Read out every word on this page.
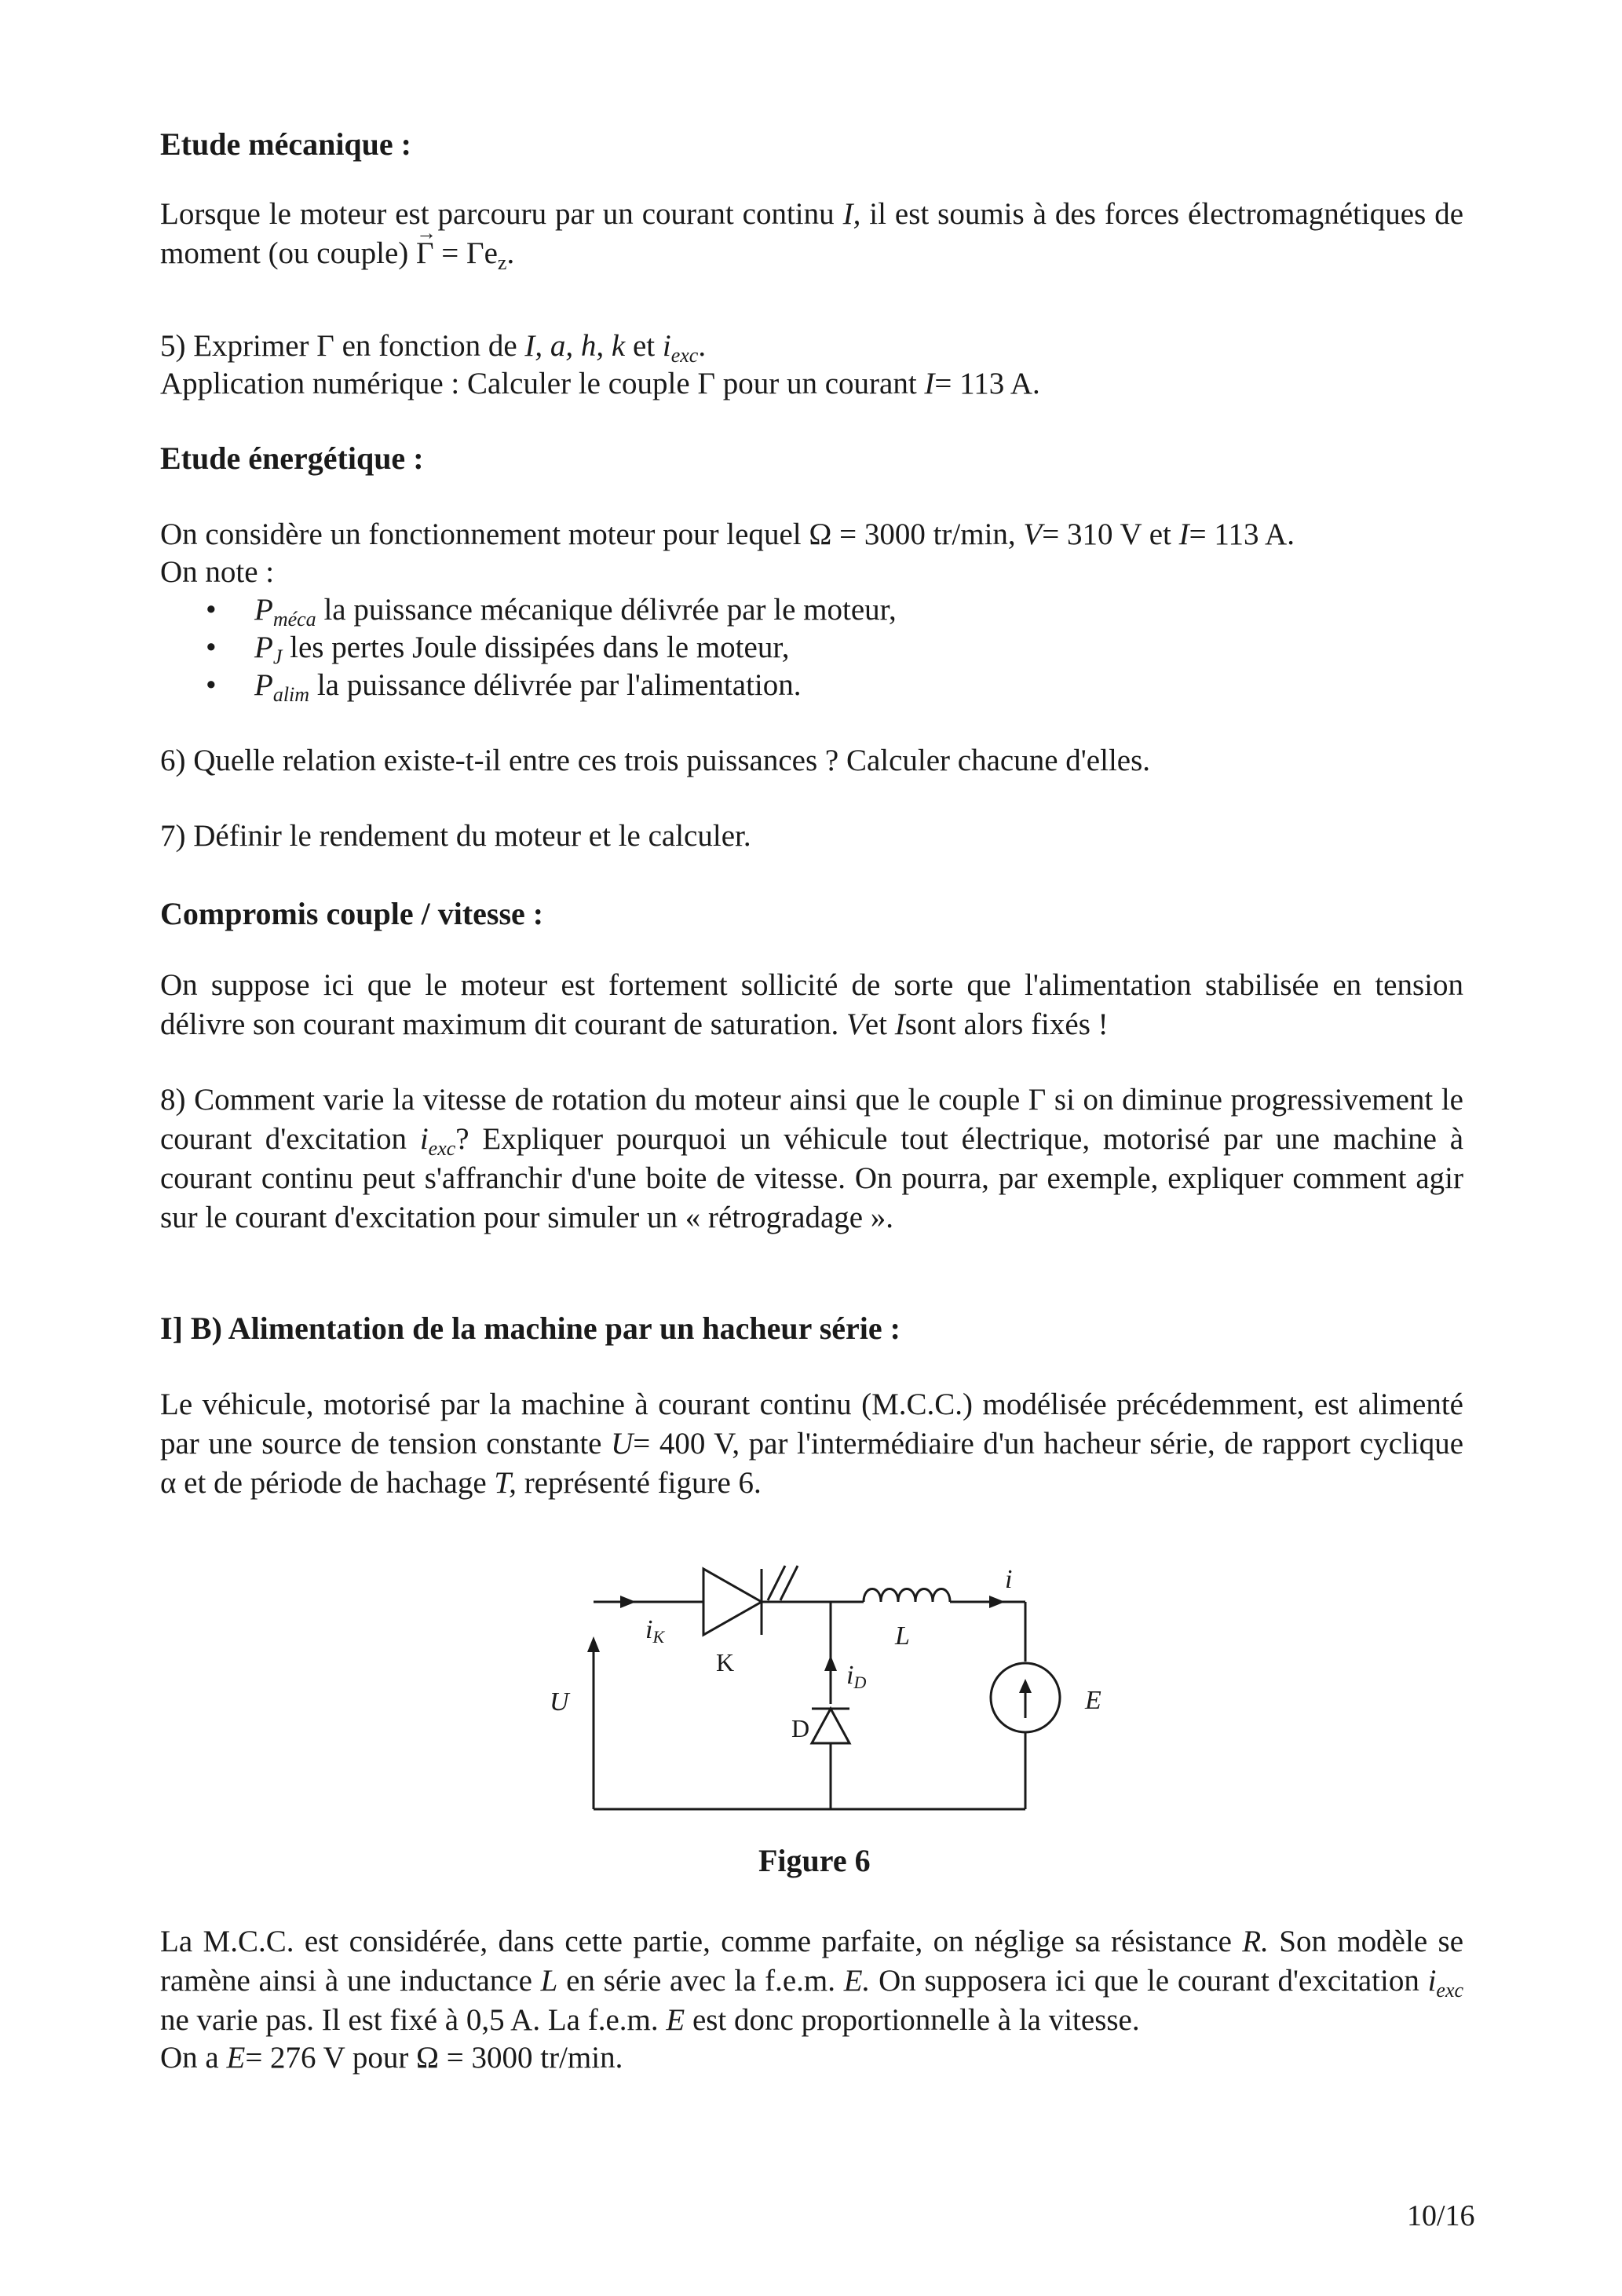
Etude mécanique :
Lorsque le moteur est parcouru par un courant continu I, il est soumis à des forces électromagnétiques de moment (ou couple) → $\Gamma = \Gamma e_z$.
5) Exprimer Γ en fonction de I, a, h, k et $i_{exc}$.
Application numérique : Calculer le couple Γ pour un courant I= 113 A.
Etude énergétique :
On considère un fonctionnement moteur pour lequel Ω = 3000 tr/min, V= 310 V et I= 113 A.
On note :
• $P_{méca}$ la puissance mécanique délivrée par le moteur,
• $P_J$ les pertes Joule dissipées dans le moteur,
• $P_{alim}$ la puissance délivrée par l'alimentation.
6) Quelle relation existe-t-il entre ces trois puissances ? Calculer chacune d'elles.
7) Définir le rendement du moteur et le calculer.
Compromis couple / vitesse :
On suppose ici que le moteur est fortement sollicité de sorte que l'alimentation stabilisée en tension délivre son courant maximum dit courant de saturation. Vet Isont alors fixés !
8) Comment varie la vitesse de rotation du moteur ainsi que le couple Γ si on diminue progressivement le courant d'excitation $i_{exc}$? Expliquer pourquoi un véhicule tout électrique, motorisé par une machine à courant continu peut s'affranchir d'une boite de vitesse. On pourra, par exemple, expliquer comment agir sur le courant d'excitation pour simuler un « rétrogradage ».
I] B) Alimentation de la machine par un hacheur série :
Le véhicule, motorisé par la machine à courant continu (M.C.C.) modélisée précédemment, est alimenté par une source de tension constante U= 400 V, par l'intermédiaire d'un hacheur série, de rapport cyclique α et de période de hachage T, représenté figure 6.
U
iK
iD
L
i
E
K
D
Figure 6
La M.C.C. est considérée, dans cette partie, comme parfaite, on néglige sa résistance R. Son modèle se ramène ainsi à une inductance L en série avec la f.e.m. E. On supposera ici que le courant d'excitation $i_{exc}$ ne varie pas. Il est fixé à 0,5 A. La f.e.m. E est donc proportionnelle à la vitesse.
On a E= 276 V pour Ω = 3000 tr/min.
10/16
